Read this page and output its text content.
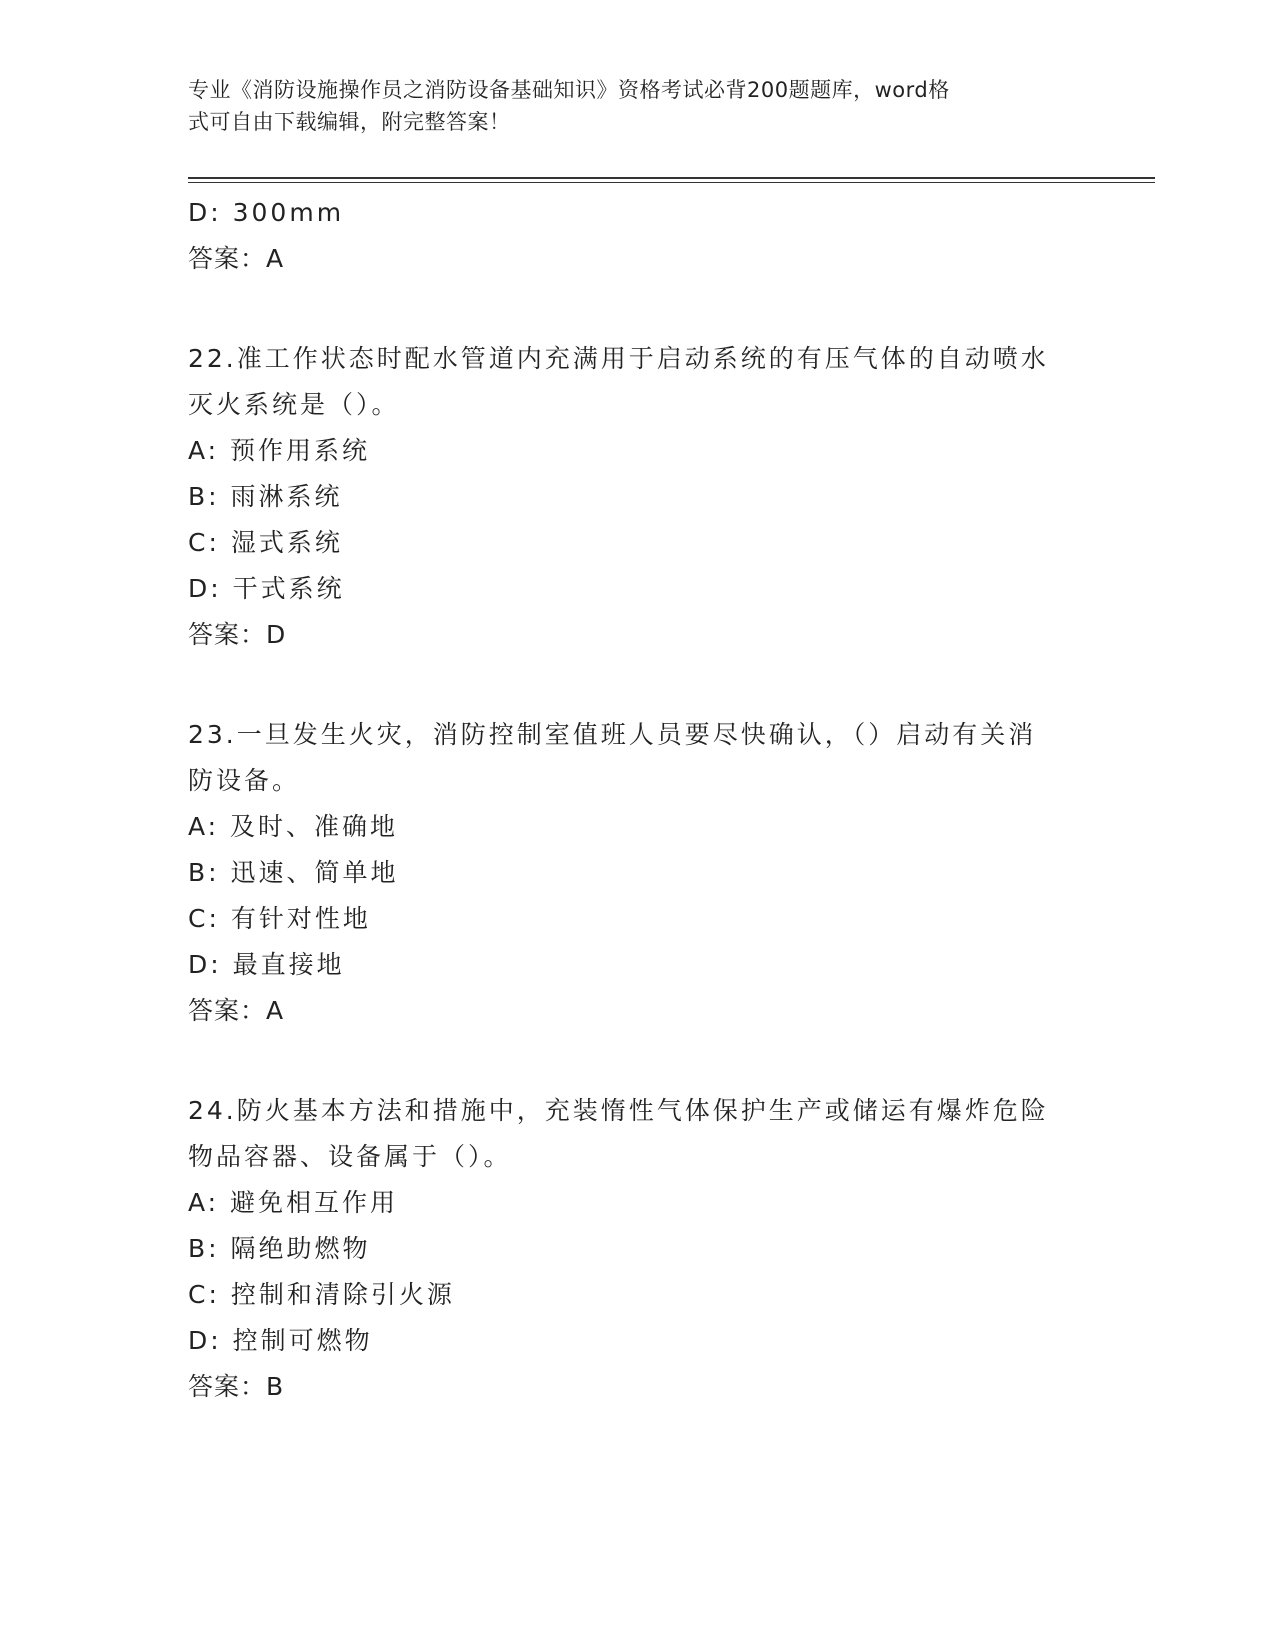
专业《消防设施操作员之消防设备基础知识》资格考试必背200题题库，word格
式可自由下载编辑，附完整答案！
D: 300mm
答案：A
22.准工作状态时配水管道内充满用于启动系统的有压气体的自动喷水
灭火系统是（）。
A: 预作用系统
B: 雨淋系统
C: 湿式系统
D: 干式系统
答案：D
23.一旦发生火灾，消防控制室值班人员要尽快确认，（）启动有关消
防设备。
A: 及时、准确地
B: 迅速、简单地
C: 有针对性地
D: 最直接地
答案：A
24.防火基本方法和措施中，充装惰性气体保护生产或储运有爆炸危险
物品容器、设备属于（）。
A: 避免相互作用
B: 隔绝助燃物
C: 控制和清除引火源
D: 控制可燃物
答案：B
